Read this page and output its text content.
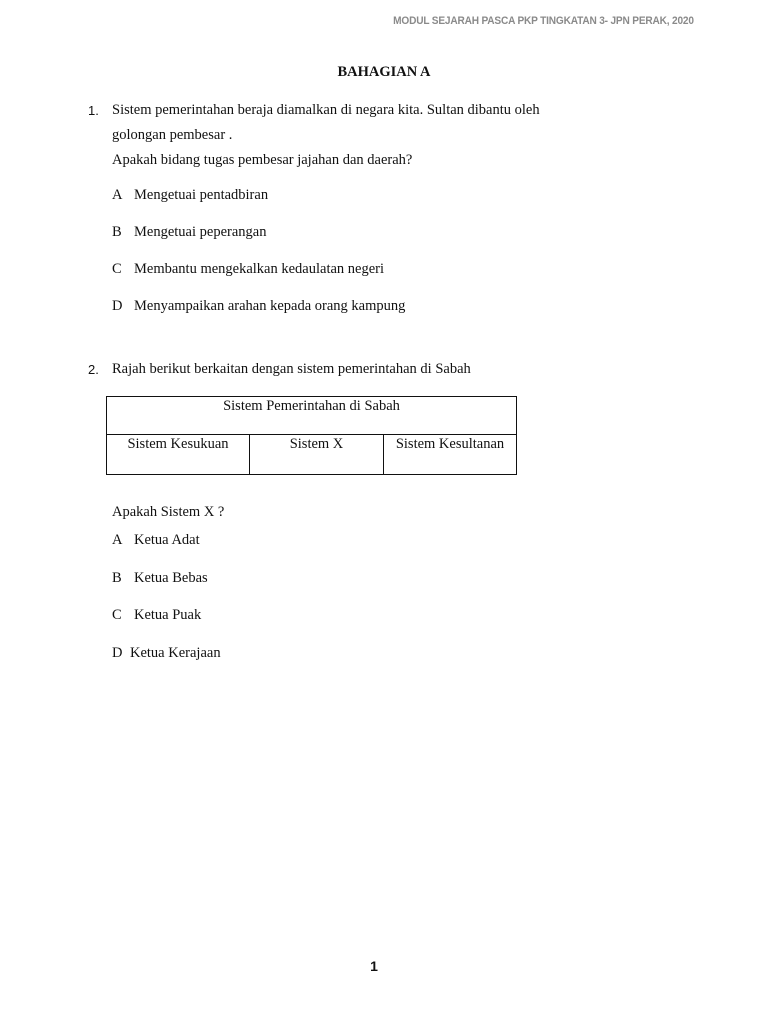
MODUL SEJARAH PASCA PKP TINGKATAN 3- JPN PERAK, 2020
BAHAGIAN A
1. Sistem pemerintahan beraja diamalkan di negara kita. Sultan dibantu oleh
golongan pembesar .
Apakah bidang tugas pembesar jajahan dan daerah?
A Mengetuai pentadbiran
B Mengetuai peperangan
C Membantu mengekalkan kedaulatan negeri
D Menyampaikan arahan kepada orang kampung
2. Rajah berikut berkaitan dengan sistem pemerintahan di Sabah
Sistem Pemerintahan di Sabah
Sistem Kesukuan	Sistem X	Sistem Kesultanan
Apakah Sistem X ?
A Ketua Adat
B Ketua Bebas
C Ketua Puak
D Ketua Kerajaan
1
